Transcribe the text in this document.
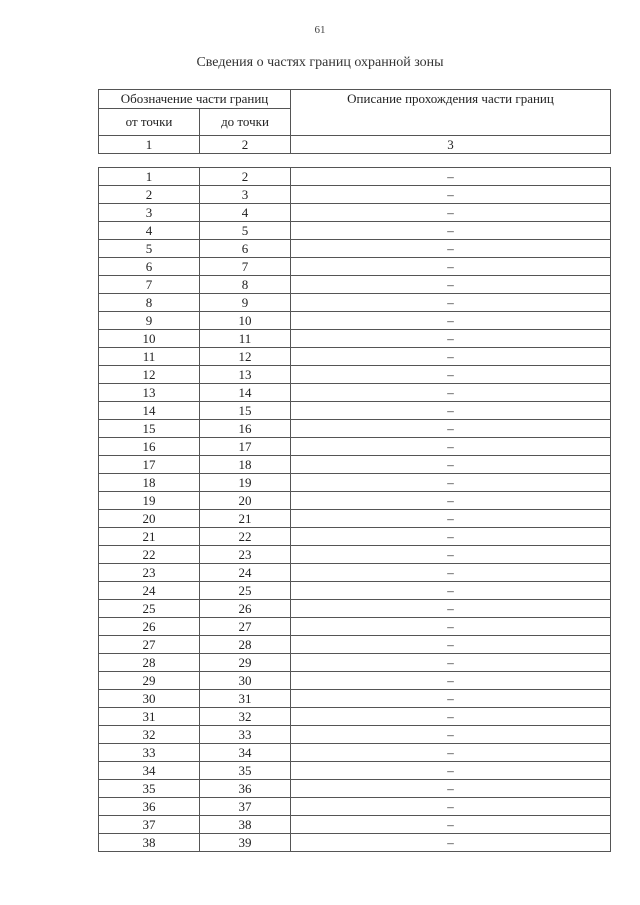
61
Сведения о частях границ охранной зоны
Обозначение части границ		Описание прохождения части границ
от точки	до точки	
1	2	3

1	2	–
2	3	–
3	4	–
4	5	–
5	6	–
6	7	–
7	8	–
8	9	–
9	10	–
10	11	–
11	12	–
12	13	–
13	14	–
14	15	–
15	16	–
16	17	–
17	18	–
18	19	–
19	20	–
20	21	–
21	22	–
22	23	–
23	24	–
24	25	–
25	26	–
26	27	–
27	28	–
28	29	–
29	30	–
30	31	–
31	32	–
32	33	–
33	34	–
34	35	–
35	36	–
36	37	–
37	38	–
38	39	–
